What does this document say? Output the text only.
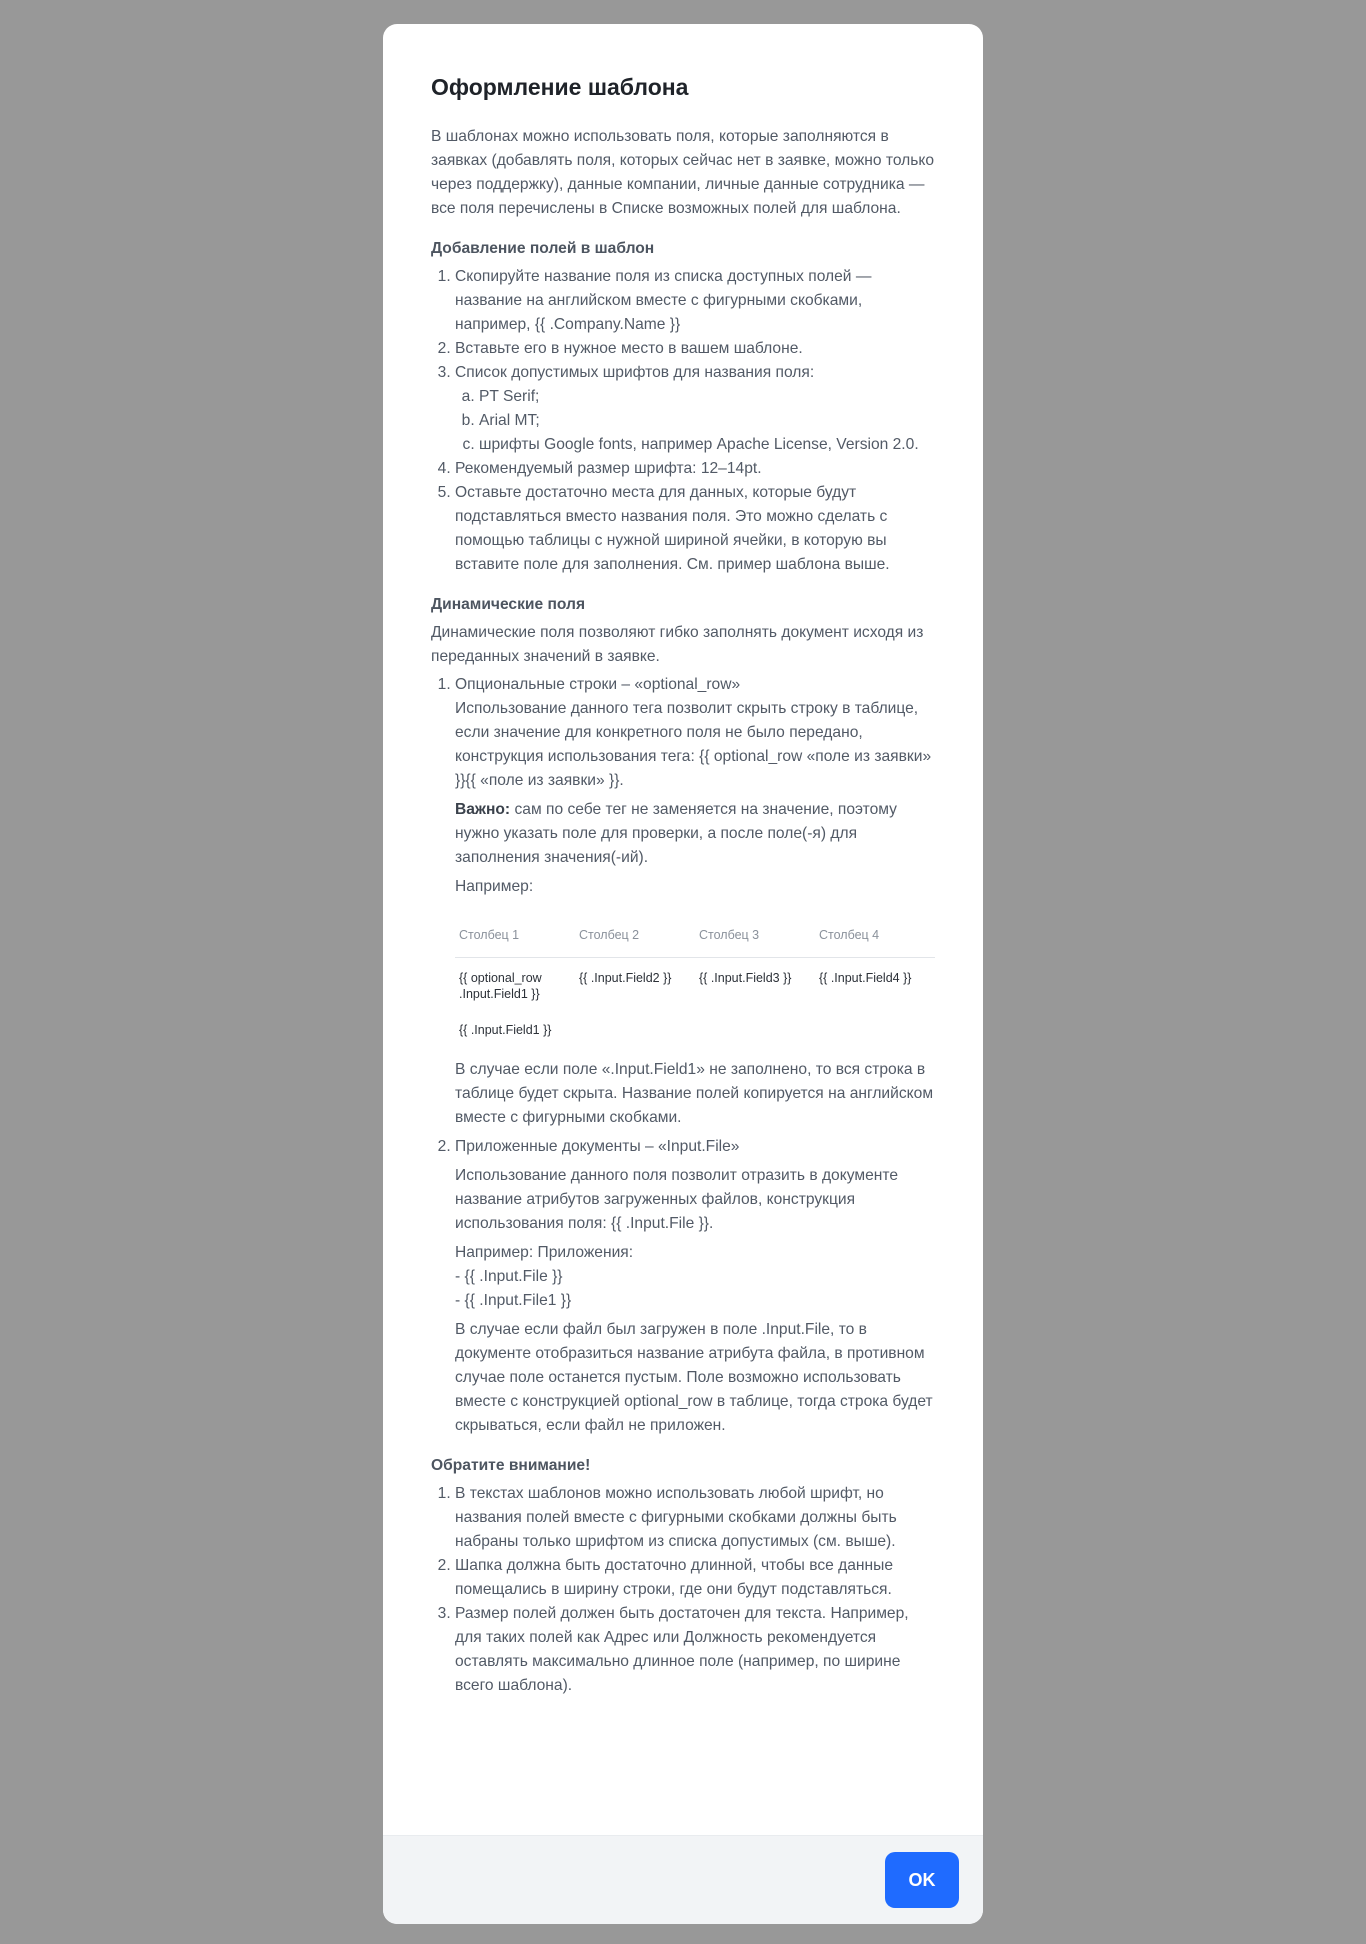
Оформление шаблона

В шаблонах можно использовать поля, которые заполняются в заявках (добавлять поля, которых сейчас нет в заявке, можно только через поддержку), данные компании, личные данные сотрудника — все поля перечислены в Списке возможных полей для шаблона.

Добавление полей в шаблон
1. Скопируйте название поля из списка доступных полей — название на английском вместе с фигурными скобками, например, {{ .Company.Name }}
2. Вставьте его в нужное место в вашем шаблоне.
3. Список допустимых шрифтов для названия поля:
a. PT Serif;
b. Arial MT;
c. шрифты Google fonts, например Apache License, Version 2.0.
4. Рекомендуемый размер шрифта: 12–14pt.
5. Оставьте достаточно места для данных, которые будут подставляться вместо названия поля. Это можно сделать с помощью таблицы с нужной шириной ячейки, в которую вы вставите поле для заполнения. См. пример шаблона выше.
Динамические поля

Динамические поля позволяют гибко заполнять документ исходя из переданных значений в заявке.

1. Опциональные строки – «optional_row»

Использование данного тега позволит скрыть строку в таблице, если значение для конкретного поля не было передано, конструкция использования тега: {{ optional_row «поле из заявки» }}{{ «поле из заявки» }}.

Важно: сам по себе тег не заменяется на значение, поэтому нужно указать поле для проверки, а после поле(-я) для заполнения значения(-ий).

Например:

Столбец 1	Столбец 2	Столбец 3	Столбец 4
{{ optional_row .Input.Field1 }}	{{ .Input.Field2 }}	{{ .Input.Field3 }}	{{ .Input.Field4 }}
{{ .Input.Field1 }}			

В случае если поле «.Input.Field1» не заполнено, то вся строка в таблице будет скрыта. Название полей копируется на английском вместе с фигурными скобками.

2. Приложенные документы – «Input.File»

Использование данного поля позволит отразить в документе название атрибутов загруженных файлов, конструкция использования поля: {{ .Input.File }}.

Например: Приложения:

- {{ .Input.File }}

- {{ .Input.File1 }}

В случае если файл был загружен в поле .Input.File, то в документе отобразиться название атрибута файла, в противном случае поле останется пустым. Поле возможно использовать вместе с конструкцией optional_row в таблице, тогда строка будет скрываться, если файл не приложен.

Обратите внимание!
1. В текстах шаблонов можно использовать любой шрифт, но названия полей вместе с фигурными скобками должны быть набраны только шрифтом из списка допустимых (см. выше).
2. Шапка должна быть достаточно длинной, чтобы все данные помещались в ширину строки, где они будут подставляться.
3. Размер полей должен быть достаточен для текста. Например, для таких полей как Адрес или Должность рекомендуется оставлять максимально длинное поле (например, по ширине всего шаблона).
OK
